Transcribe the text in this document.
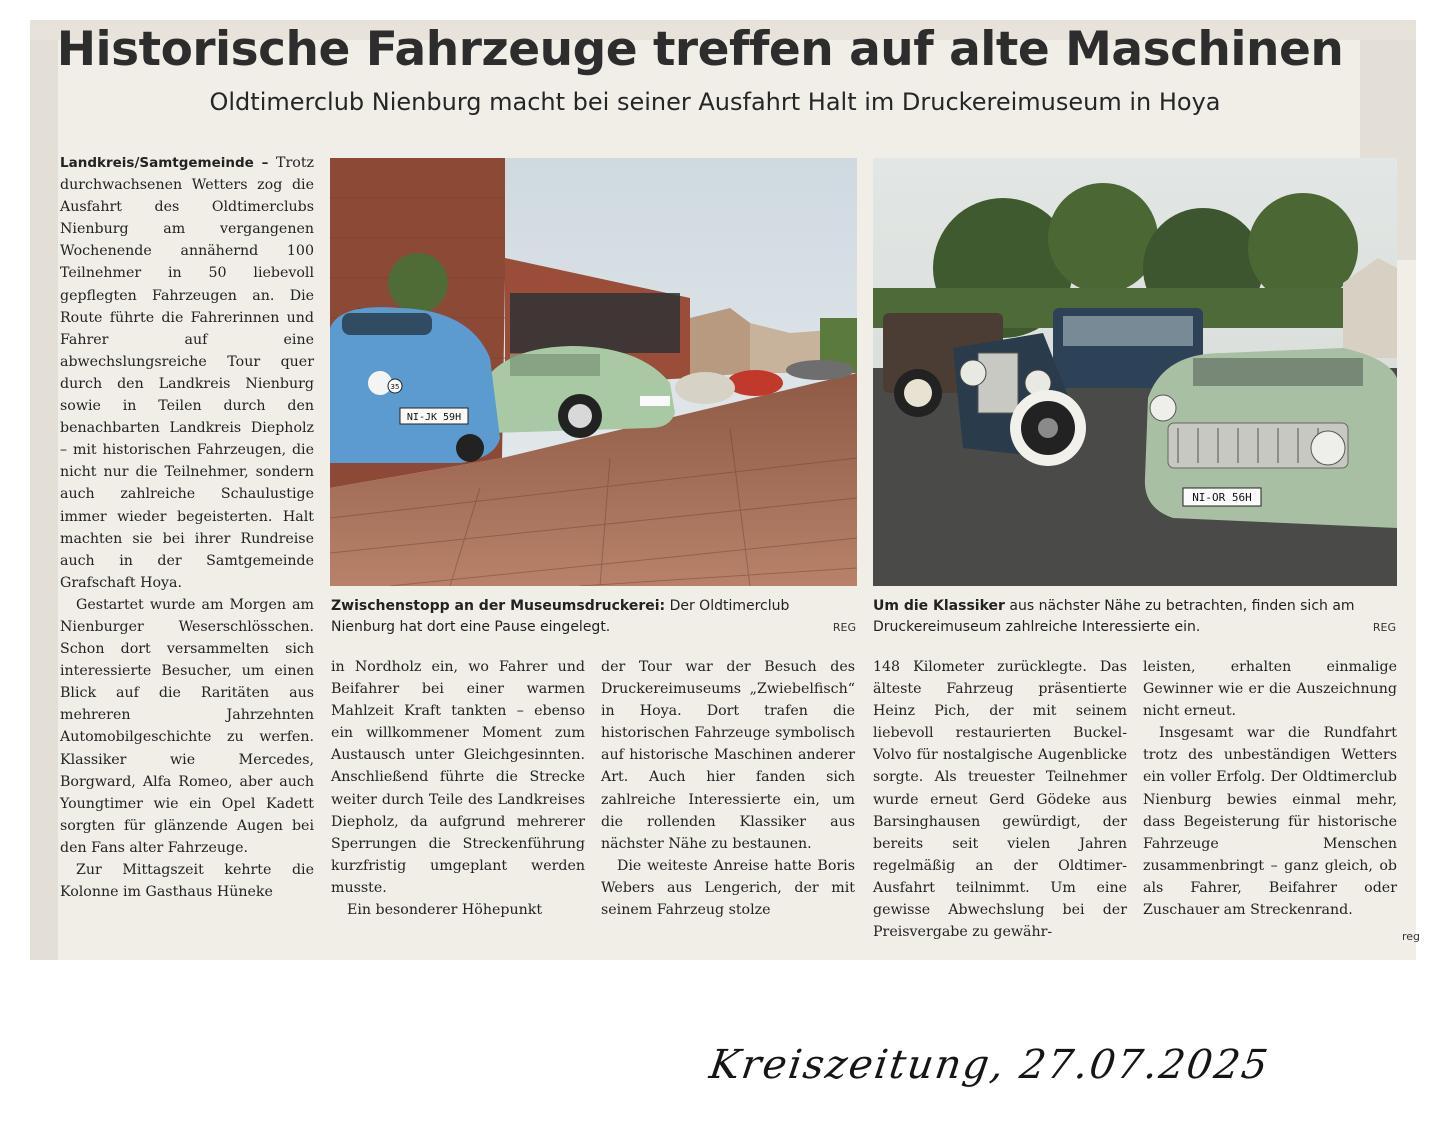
Historische Fahrzeuge treffen auf alte Maschinen
Oldtimerclub Nienburg macht bei seiner Ausfahrt Halt im Druckereimuseum in Hoya

Landkreis/Samtgemeinde – Trotz durchwachsenen Wetters zog die Ausfahrt des Oldtimerclubs Nienburg am vergangenen Wochenende annähernd 100 Teilnehmer in 50 liebevoll gepflegten Fahrzeugen an. Die Route führte die Fahrerinnen und Fahrer auf eine abwechslungsreiche Tour quer durch den Landkreis Nienburg sowie in Teilen durch den benachbarten Landkreis Diepholz – mit historischen Fahrzeugen, die nicht nur die Teilnehmer, sondern auch zahlreiche Schaulustige immer wieder begeisterten. Halt machten sie bei ihrer Rundreise auch in der Samtgemeinde Grafschaft Hoya.

Gestartet wurde am Morgen am Nienburger Weserschlösschen. Schon dort versammelten sich interessierte Besucher, um einen Blick auf die Raritäten aus mehreren Jahrzehnten Automobilgeschichte zu werfen. Klassiker wie Mercedes, Borgward, Alfa Romeo, aber auch Youngtimer wie ein Opel Kadett sorgten für glänzende Augen bei den Fans alter Fahrzeuge.

Zur Mittagszeit kehrte die Kolonne im Gasthaus Hüneke

NI-JK 59H
35
NI-OR 56H
Zwischenstopp an der Museumsdruckerei: Der Oldtimerclub Nienburg hat dort eine Pause eingelegt.	REG
Um die Klassiker aus nächster Nähe zu betrachten, finden sich am Druckereimuseum zahlreiche Interessierte ein.	REG

in Nordholz ein, wo Fahrer und Beifahrer bei einer warmen Mahlzeit Kraft tankten – ebenso ein willkommener Moment zum Austausch unter Gleichgesinnten. Anschließend führte die Strecke weiter durch Teile des Landkreises Diepholz, da aufgrund mehrerer Sperrungen die Streckenführung kurzfristig umgeplant werden musste.

Ein besonderer Höhepunkt

der Tour war der Besuch des Druckereimuseums „Zwiebelfisch“ in Hoya. Dort trafen die historischen Fahrzeuge symbolisch auf historische Maschinen anderer Art. Auch hier fanden sich zahlreiche Interessierte ein, um die rollenden Klassiker aus nächster Nähe zu bestaunen.

Die weiteste Anreise hatte Boris Webers aus Lengerich, der mit seinem Fahrzeug stolze

148 Kilometer zurücklegte. Das älteste Fahrzeug präsentierte Heinz Pich, der mit seinem liebevoll restaurierten Buckel-Volvo für nostalgische Augenblicke sorgte. Als treuester Teilnehmer wurde erneut Gerd Gödeke aus Barsinghausen gewürdigt, der bereits seit vielen Jahren regelmäßig an der Oldtimer-Ausfahrt teilnimmt. Um eine gewisse Abwechslung bei der Preisvergabe zu gewähr-

leisten, erhalten einmalige Gewinner wie er die Auszeichnung nicht erneut.

Insgesamt war die Rundfahrt trotz des unbeständigen Wetters ein voller Erfolg. Der Oldtimerclub Nienburg bewies einmal mehr, dass Begeisterung für historische Fahrzeuge Menschen zusammenbringt – ganz gleich, ob als Fahrer, Beifahrer oder Zuschauer am Streckenrand.

reg
Kreiszeitung, 27.07.2025
